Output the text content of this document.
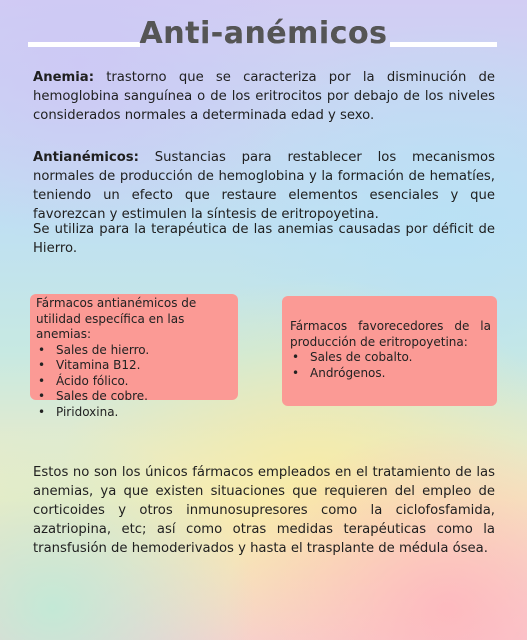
Anti-anémicos
Anemia: trastorno que se caracteriza por la disminución de hemoglobina sanguínea o de los eritrocitos por debajo de los niveles considerados normales a determinada edad y sexo.
Antianémicos: Sustancias para restablecer los mecanismos normales de producción de hemoglobina y la formación de hematíes, teniendo un efecto que restaure elementos esenciales y que favorezcan y estimulen la síntesis de eritropoyetina.
Se utiliza para la terapéutica de las anemias causadas por déficit de Hierro.
Fármacos antianémicos de utilidad específica en las anemias:
• Sales de hierro.
• Vitamina B12.
• Ácido fólico.
• Sales de cobre.
• Piridoxina.
Fármacos favorecedores de la producción de eritropoyetina:
• Sales de cobalto.
• Andrógenos.
Estos no son los únicos fármacos empleados en el tratamiento de las anemias, ya que existen situaciones que requieren del empleo de corticoides y otros inmunosupresores como la ciclofosfamida, azatriopina, etc; así como otras medidas terapéuticas como la transfusión de hemoderivados y hasta el trasplante de médula ósea.
